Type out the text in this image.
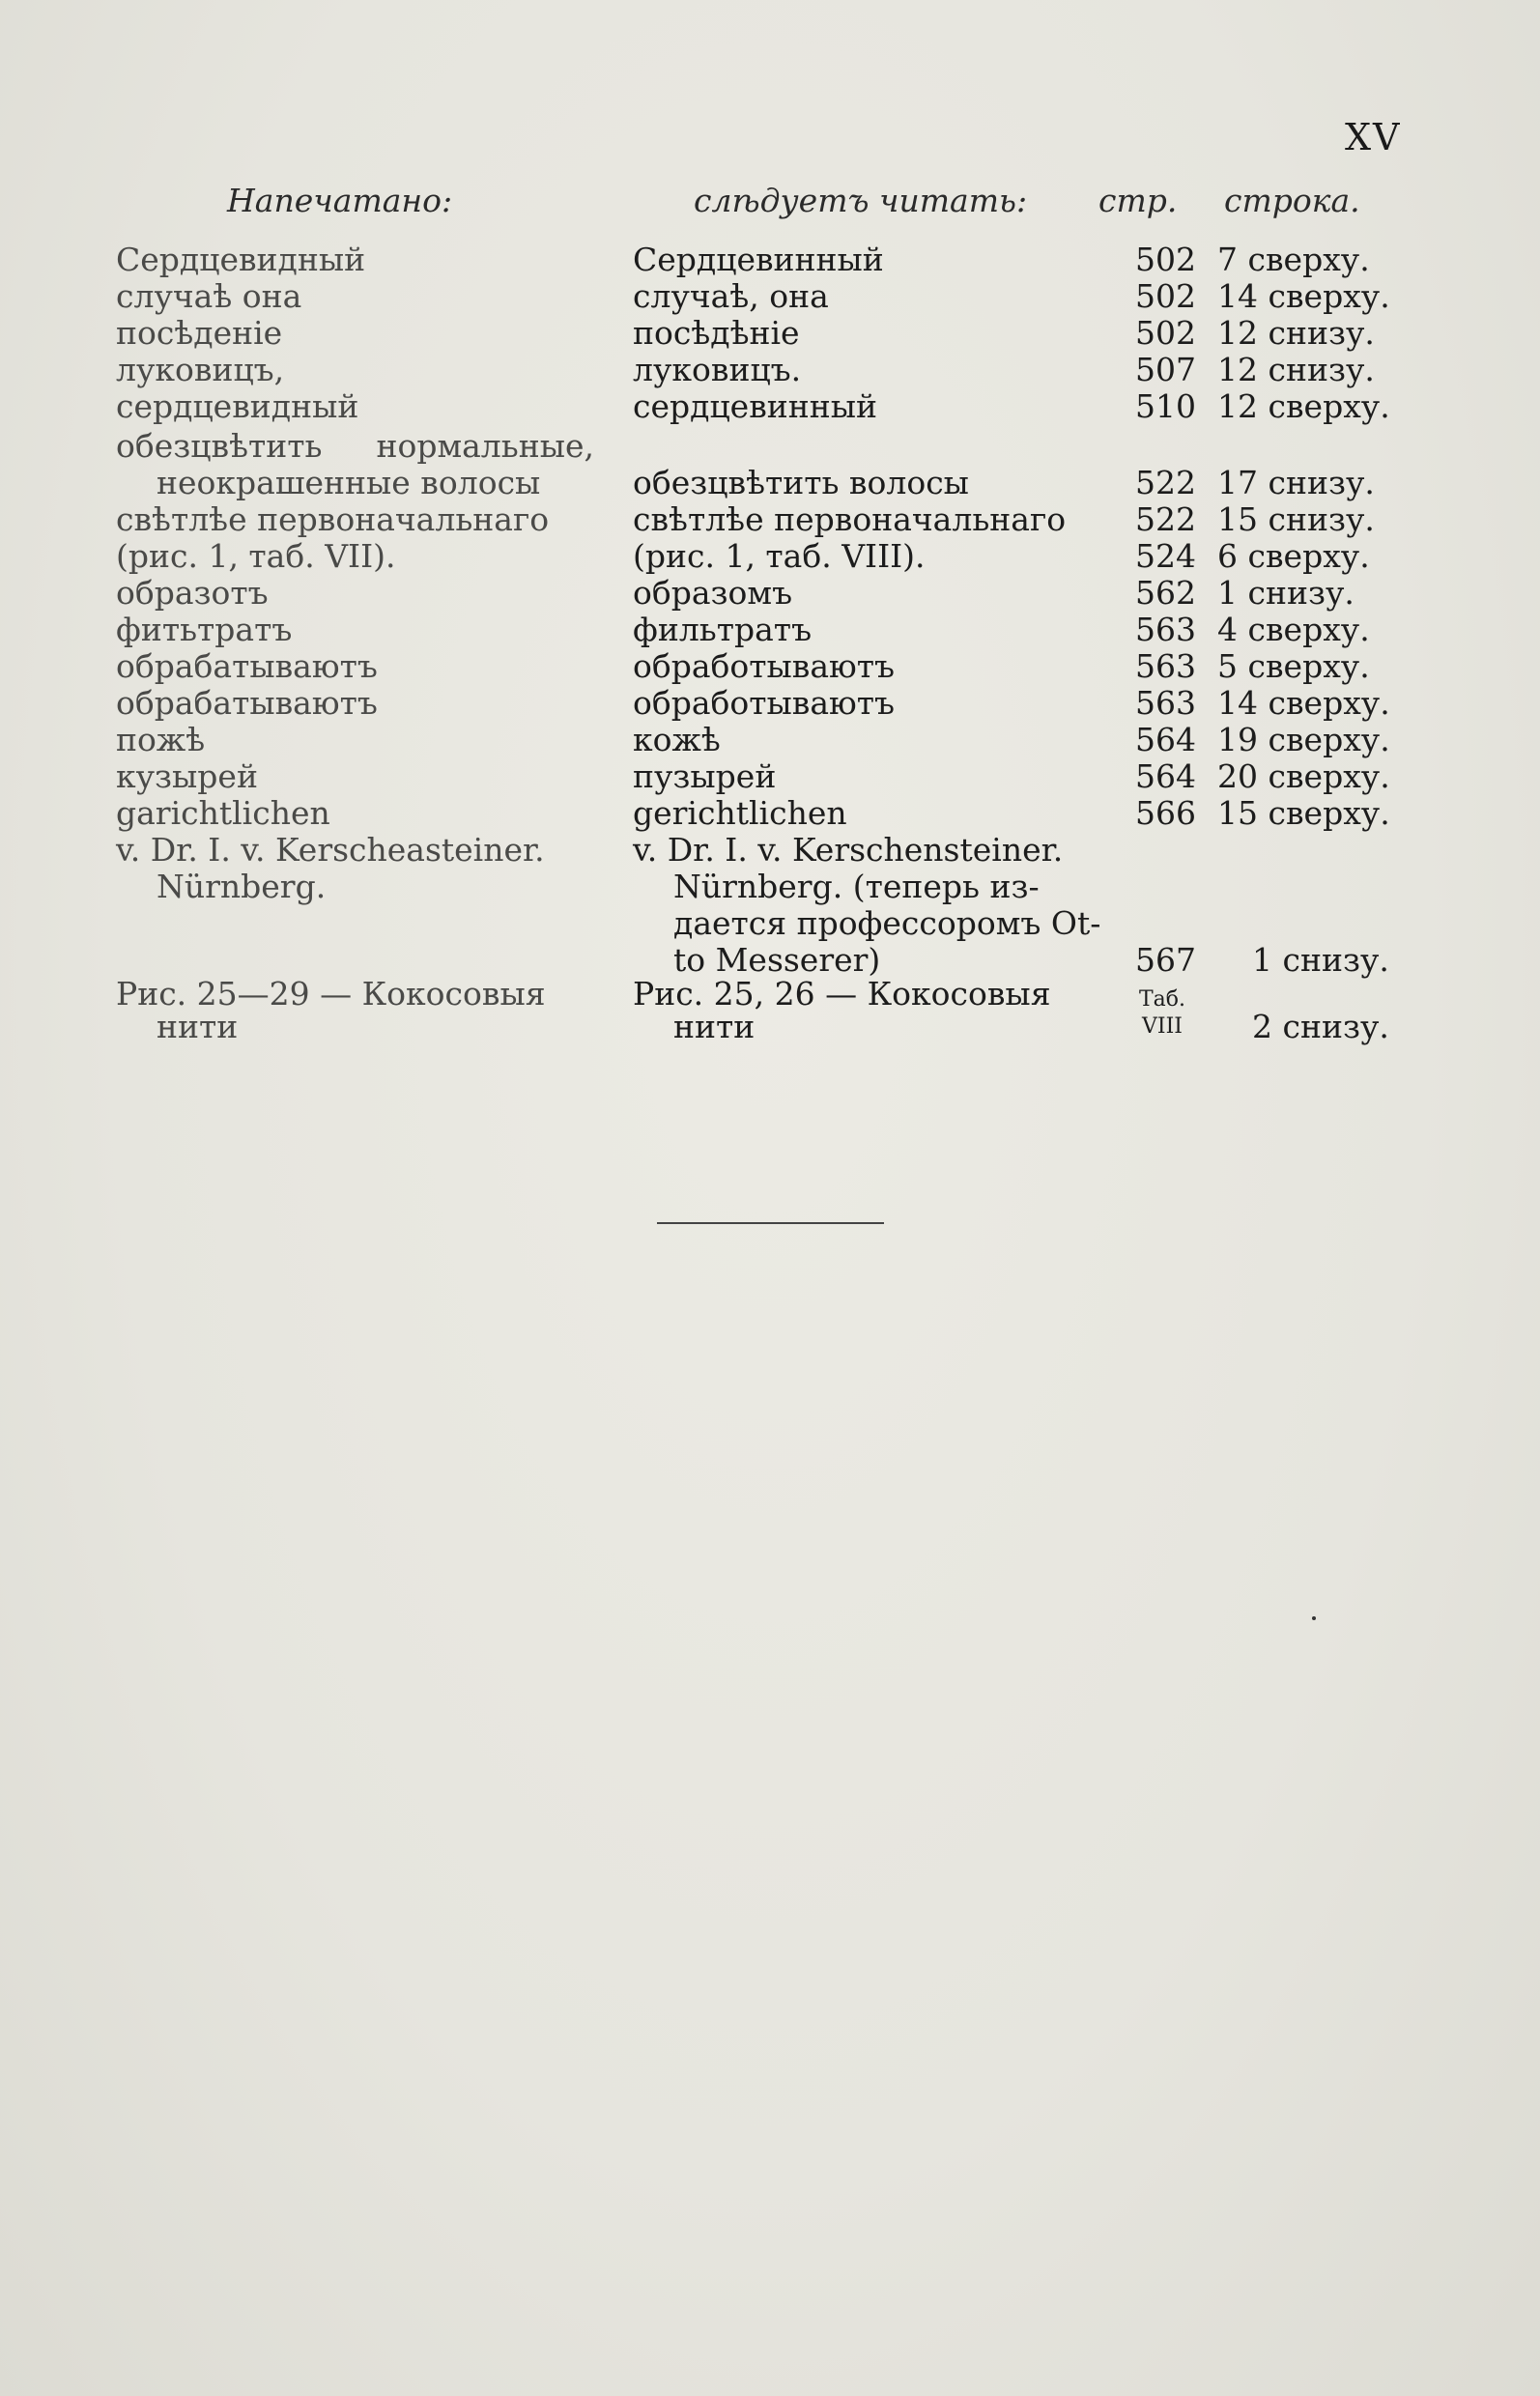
XV
Напечатано:	слѣдуетъ читать: стр. строка.
Сердцевидный	Сердцевинный	502 7 сверху.
случаѣ она	случаѣ, она	502 14 сверху.
посѣденіе	посѣдѣніе	502 12 снизу.
луковицъ,	луковицъ.	507 12 снизу.
сердцевидный	сердцевинный	510 12 сверху.
обезцвѣтить нормальные,
неокрашенные волосы	обезцвѣтить волосы	522 17 снизу.
свѣтлѣе первоначальнаго	свѣтлѣе первоначальнаго	522 15 снизу.
(рис. 1, таб. VII).	(рис. 1, таб. VIII).	524 6 сверху.
образотъ	образомъ	562 1 снизу.
фитьтратъ	фильтратъ	563 4 сверху.
обрабатываютъ	обработываютъ	563 5 сверху.
обрабатываютъ	обработываютъ	563 14 сверху.
пожѣ	кожѣ	564 19 сверху.
кузырей	пузырей	564 20 сверху.
garichtlichen	gerichtlichen	566 15 сверху.
v. Dr. I. v. Kerscheasteiner.	v. Dr. I. v. Kerschensteiner.
Nürnberg.	Nürnberg. (теперь из-
дается профессоромъ Ot-
to Messerer)	567	1 снизу.
Рис. 25—29 — Кокосовыя	Рис. 25, 26 — Кокосовыя	Таб.
нити	нити	VIII	2 снизу.
